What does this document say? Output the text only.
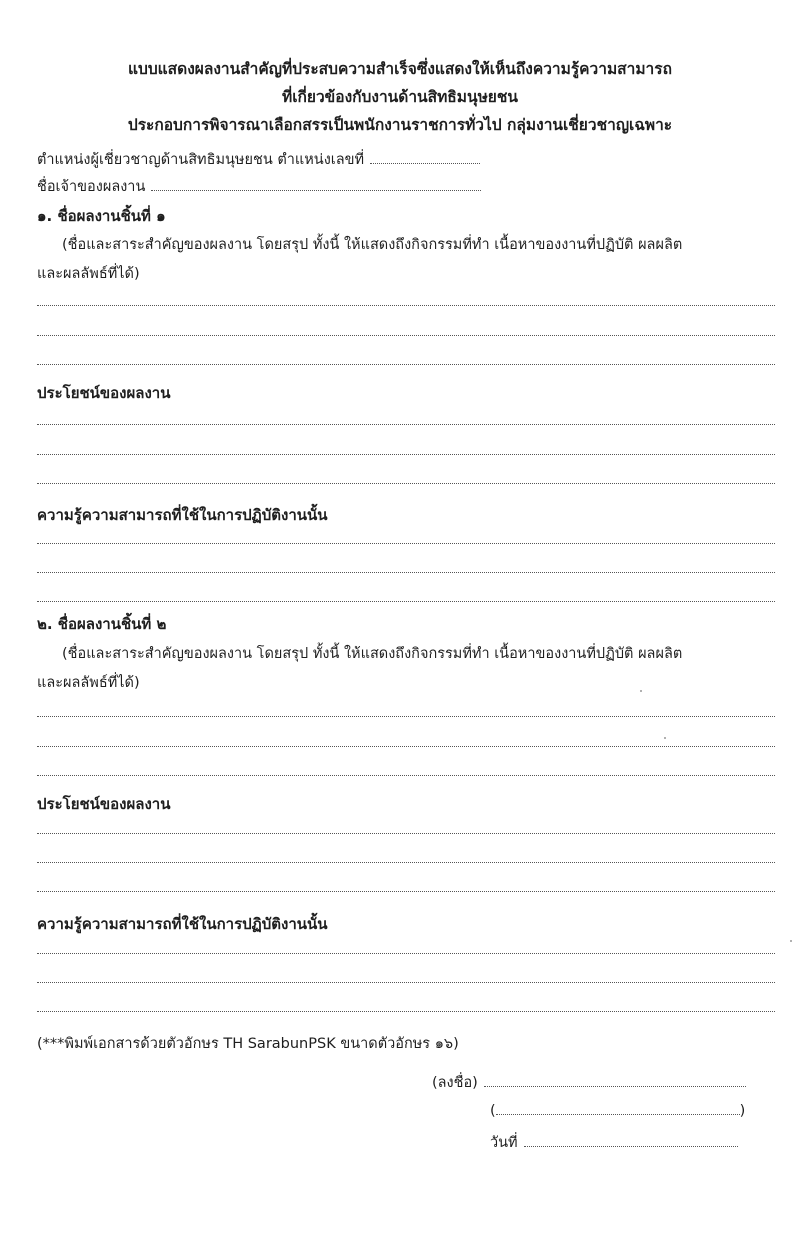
แบบแสดงผลงานสำคัญที่ประสบความสำเร็จซึ่งแสดงให้เห็นถึงความรู้ความสามารถ
ที่เกี่ยวข้องกับงานด้านสิทธิมนุษยชน
ประกอบการพิจารณาเลือกสรรเป็นพนักงานราชการทั่วไป กลุ่มงานเชี่ยวชาญเฉพาะ
ตำแหน่งผู้เชี่ยวชาญด้านสิทธิมนุษยชน ตำแหน่งเลขที่
ชื่อเจ้าของผลงาน
๑. ชื่อผลงานชิ้นที่ ๑
(ชื่อและสาระสำคัญของผลงาน โดยสรุป ทั้งนี้ ให้แสดงถึงกิจกรรมที่ทำ เนื้อหาของงานที่ปฏิบัติ ผลผลิต
และผลลัพธ์ที่ได้)
ประโยชน์ของผลงาน
ความรู้ความสามารถที่ใช้ในการปฏิบัติงานนั้น
๒. ชื่อผลงานชิ้นที่ ๒
(ชื่อและสาระสำคัญของผลงาน โดยสรุป ทั้งนี้ ให้แสดงถึงกิจกรรมที่ทำ เนื้อหาของงานที่ปฏิบัติ ผลผลิต
และผลลัพธ์ที่ได้)
ประโยชน์ของผลงาน
ความรู้ความสามารถที่ใช้ในการปฏิบัติงานนั้น
(***พิมพ์เอกสารด้วยตัวอักษร TH SarabunPSK ขนาดตัวอักษร ๑๖)
(ลงชื่อ)
(	)
วันที่
